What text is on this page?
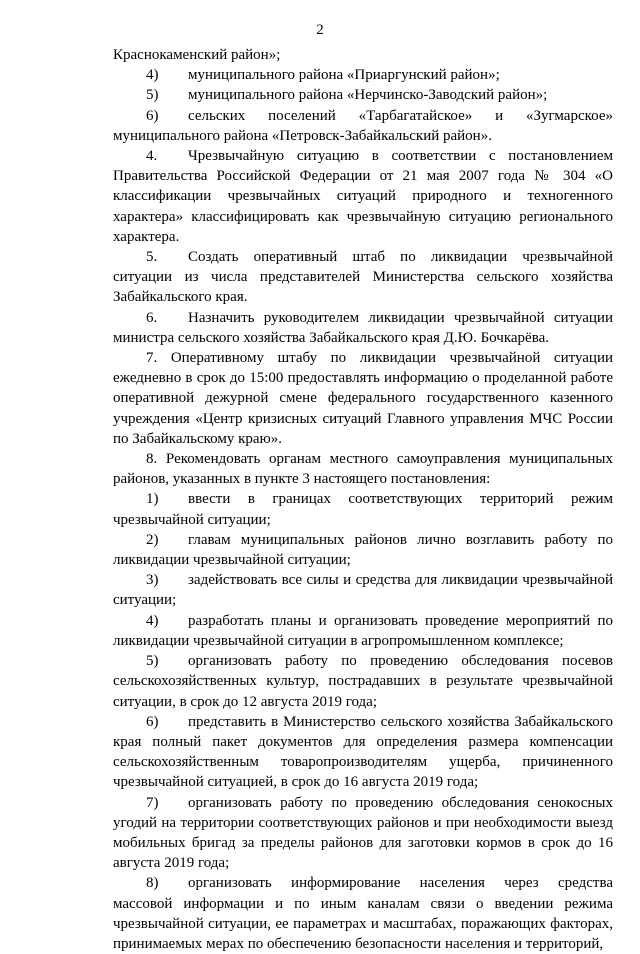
2

Краснокаменский район»;

4) муниципального района «Приаргунский район»;

5) муниципального района «Нерчинско-Заводский район»;

6) сельских поселений «Тарбагатайское» и «Зугмарское» муниципального района «Петровск-Забайкальский район».

4. Чрезвычайную ситуацию в соответствии с постановлением Правительства Российской Федерации от 21 мая 2007 года № 304 «О классификации чрезвычайных ситуаций природного и техногенного характера» классифицировать как чрезвычайную ситуацию регионального характера.

5. Создать оперативный штаб по ликвидации чрезвычайной ситуации из числа представителей Министерства сельского хозяйства Забайкальского края.

6. Назначить руководителем ликвидации чрезвычайной ситуации министра сельского хозяйства Забайкальского края Д.Ю. Бочкарёва.

7. Оперативному штабу по ликвидации чрезвычайной ситуации ежедневно в срок до 15:00 предоставлять информацию о проделанной работе оперативной дежурной смене федерального государственного казенного учреждения «Центр кризисных ситуаций Главного управления МЧС России по Забайкальскому краю».

8. Рекомендовать органам местного самоуправления муниципальных районов, указанных в пункте 3 настоящего постановления:

1) ввести в границах соответствующих территорий режим чрезвычайной ситуации;

2) главам муниципальных районов лично возглавить работу по ликвидации чрезвычайной ситуации;

3) задействовать все силы и средства для ликвидации чрезвычайной ситуации;

4) разработать планы и организовать проведение мероприятий по ликвидации чрезвычайной ситуации в агропромышленном комплексе;

5) организовать работу по проведению обследования посевов сельскохозяйственных культур, пострадавших в результате чрезвычайной ситуации, в срок до 12 августа 2019 года;

6) представить в Министерство сельского хозяйства Забайкальского края полный пакет документов для определения размера компенсации сельскохозяйственным товаропроизводителям ущерба, причиненного чрезвычайной ситуацией, в срок до 16 августа 2019 года;

7) организовать работу по проведению обследования сенокосных угодий на территории соответствующих районов и при необходимости выезд мобильных бригад за пределы районов для заготовки кормов в срок до 16 августа 2019 года;

8) организовать информирование населения через средства массовой информации и по иным каналам связи о введении режима чрезвычайной ситуации, ее параметрах и масштабах, поражающих факторах, принимаемых мерах по обеспечению безопасности населения и территорий,
